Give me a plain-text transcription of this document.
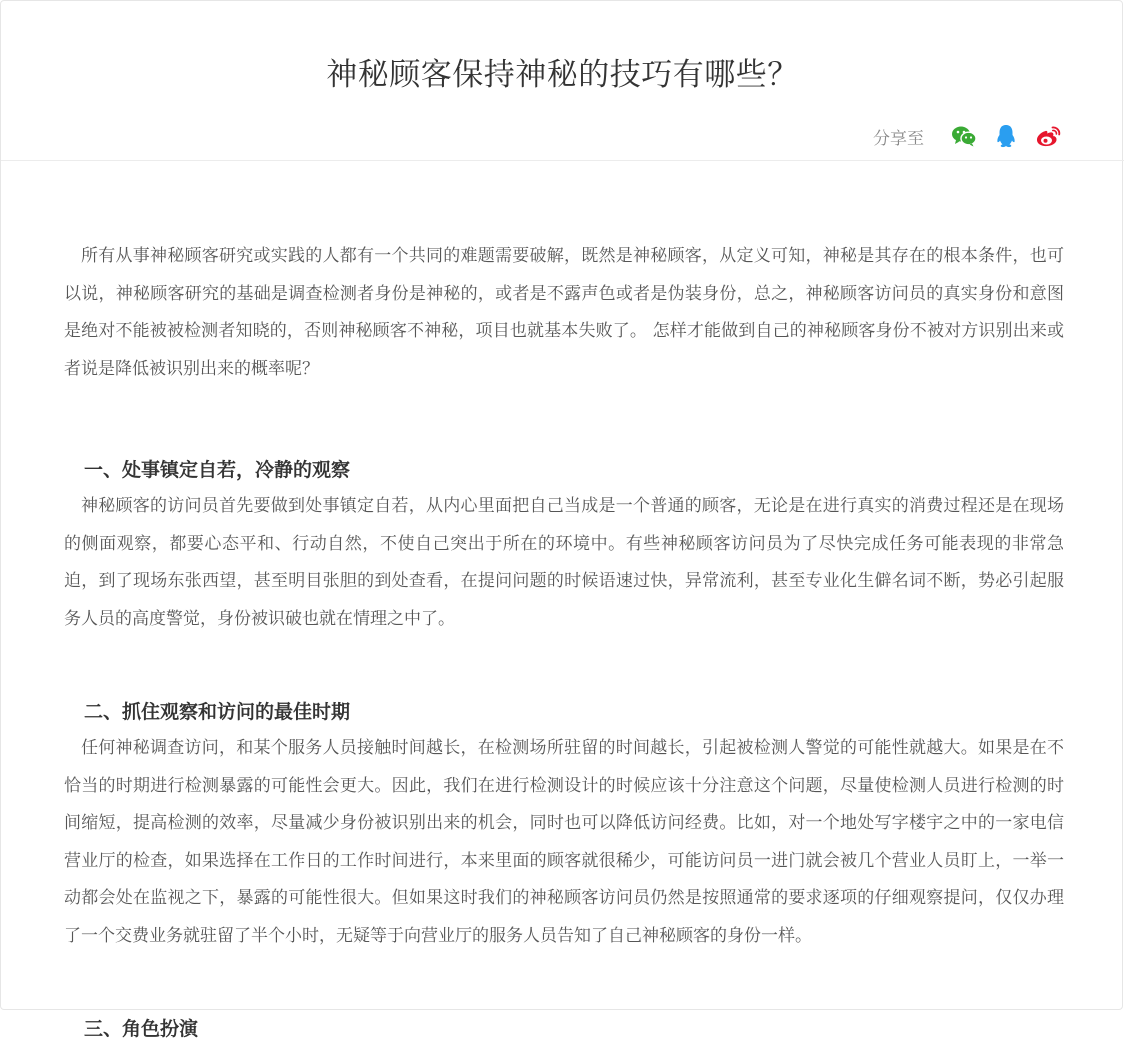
神秘顾客保持神秘的技巧有哪些？
分享至

所有从事神秘顾客研究或实践的人都有一个共同的难题需要破解，既然是神秘顾客，从定义可知，神秘是其存在的根本条件，也可以说，神秘顾客研究的基础是调查检测者身份是神秘的，或者是不露声色或者是伪装身份，总之，神秘顾客访问员的真实身份和意图是绝对不能被被检测者知晓的，否则神秘顾客不神秘，项目也就基本失败了。 怎样才能做到自己的神秘顾客身份不被对方识别出来或者说是降低被识别出来的概率呢？

一、处事镇定自若，冷静的观察

神秘顾客的访问员首先要做到处事镇定自若，从内心里面把自己当成是一个普通的顾客，无论是在进行真实的消费过程还是在现场的侧面观察，都要心态平和、行动自然，不使自己突出于所在的环境中。有些神秘顾客访问员为了尽快完成任务可能表现的非常急迫，到了现场东张西望，甚至明目张胆的到处查看，在提问问题的时候语速过快，异常流利，甚至专业化生僻名词不断，势必引起服务人员的高度警觉，身份被识破也就在情理之中了。

二、抓住观察和访问的最佳时期

任何神秘调查访问，和某个服务人员接触时间越长，在检测场所驻留的时间越长，引起被检测人警觉的可能性就越大。如果是在不恰当的时期进行检测暴露的可能性会更大。因此，我们在进行检测设计的时候应该十分注意这个问题，尽量使检测人员进行检测的时间缩短，提高检测的效率，尽量减少身份被识别出来的机会，同时也可以降低访问经费。比如，对一个地处写字楼宇之中的一家电信营业厅的检查，如果选择在工作日的工作时间进行，本来里面的顾客就很稀少，可能访问员一进门就会被几个营业人员盯上，一举一动都会处在监视之下，暴露的可能性很大。但如果这时我们的神秘顾客访问员仍然是按照通常的要求逐项的仔细观察提问，仅仅办理了一个交费业务就驻留了半个小时，无疑等于向营业厅的服务人员告知了自己神秘顾客的身份一样。

三、角色扮演
